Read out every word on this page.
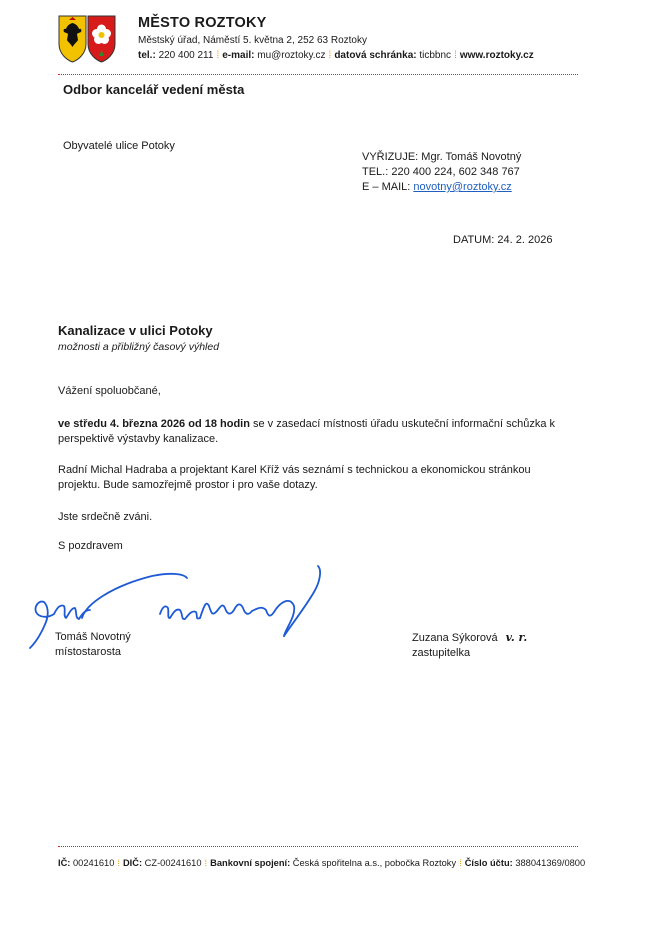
MĚSTO ROZTOKY
Městský úřad, Náměstí 5. května 2, 252 63 Roztoky
tel.: 220 400 211 ⁞ e-mail: mu@roztoky.cz ⁞ datová schránka: ticbbnc ⁞ www.roztoky.cz
Odbor kancelář vedení města
Obyvatelé ulice Potoky
VYŘIZUJE: Mgr. Tomáš Novotný
TEL.: 220 400 224, 602 348 767
E – MAIL: novotny@roztoky.cz
DATUM: 24. 2. 2026
Kanalizace v ulici Potoky
možnosti a přibližný časový výhled
Vážení spoluobčané,
ve středu 4. března 2026 od 18 hodin se v zasedací místnosti úřadu uskuteční informační schůzka k perspektivě výstavby kanalizace.
Radní Michal Hadraba a projektant Karel Kříž vás seznámí s technickou a ekonomickou stránkou projektu. Bude samozřejmě prostor i pro vaše dotazy.
Jste srdečně zváni.
S pozdravem
Tomáš Novotný
místostarosta
Zuzana Sýkorová v. r.
zastupitelka
IČ: 00241610 ⁞ DIČ: CZ-00241610 ⁞ Bankovní spojení: Česká spořitelna a.s., pobočka Roztoky ⁞ Číslo účtu: 388041369/0800
